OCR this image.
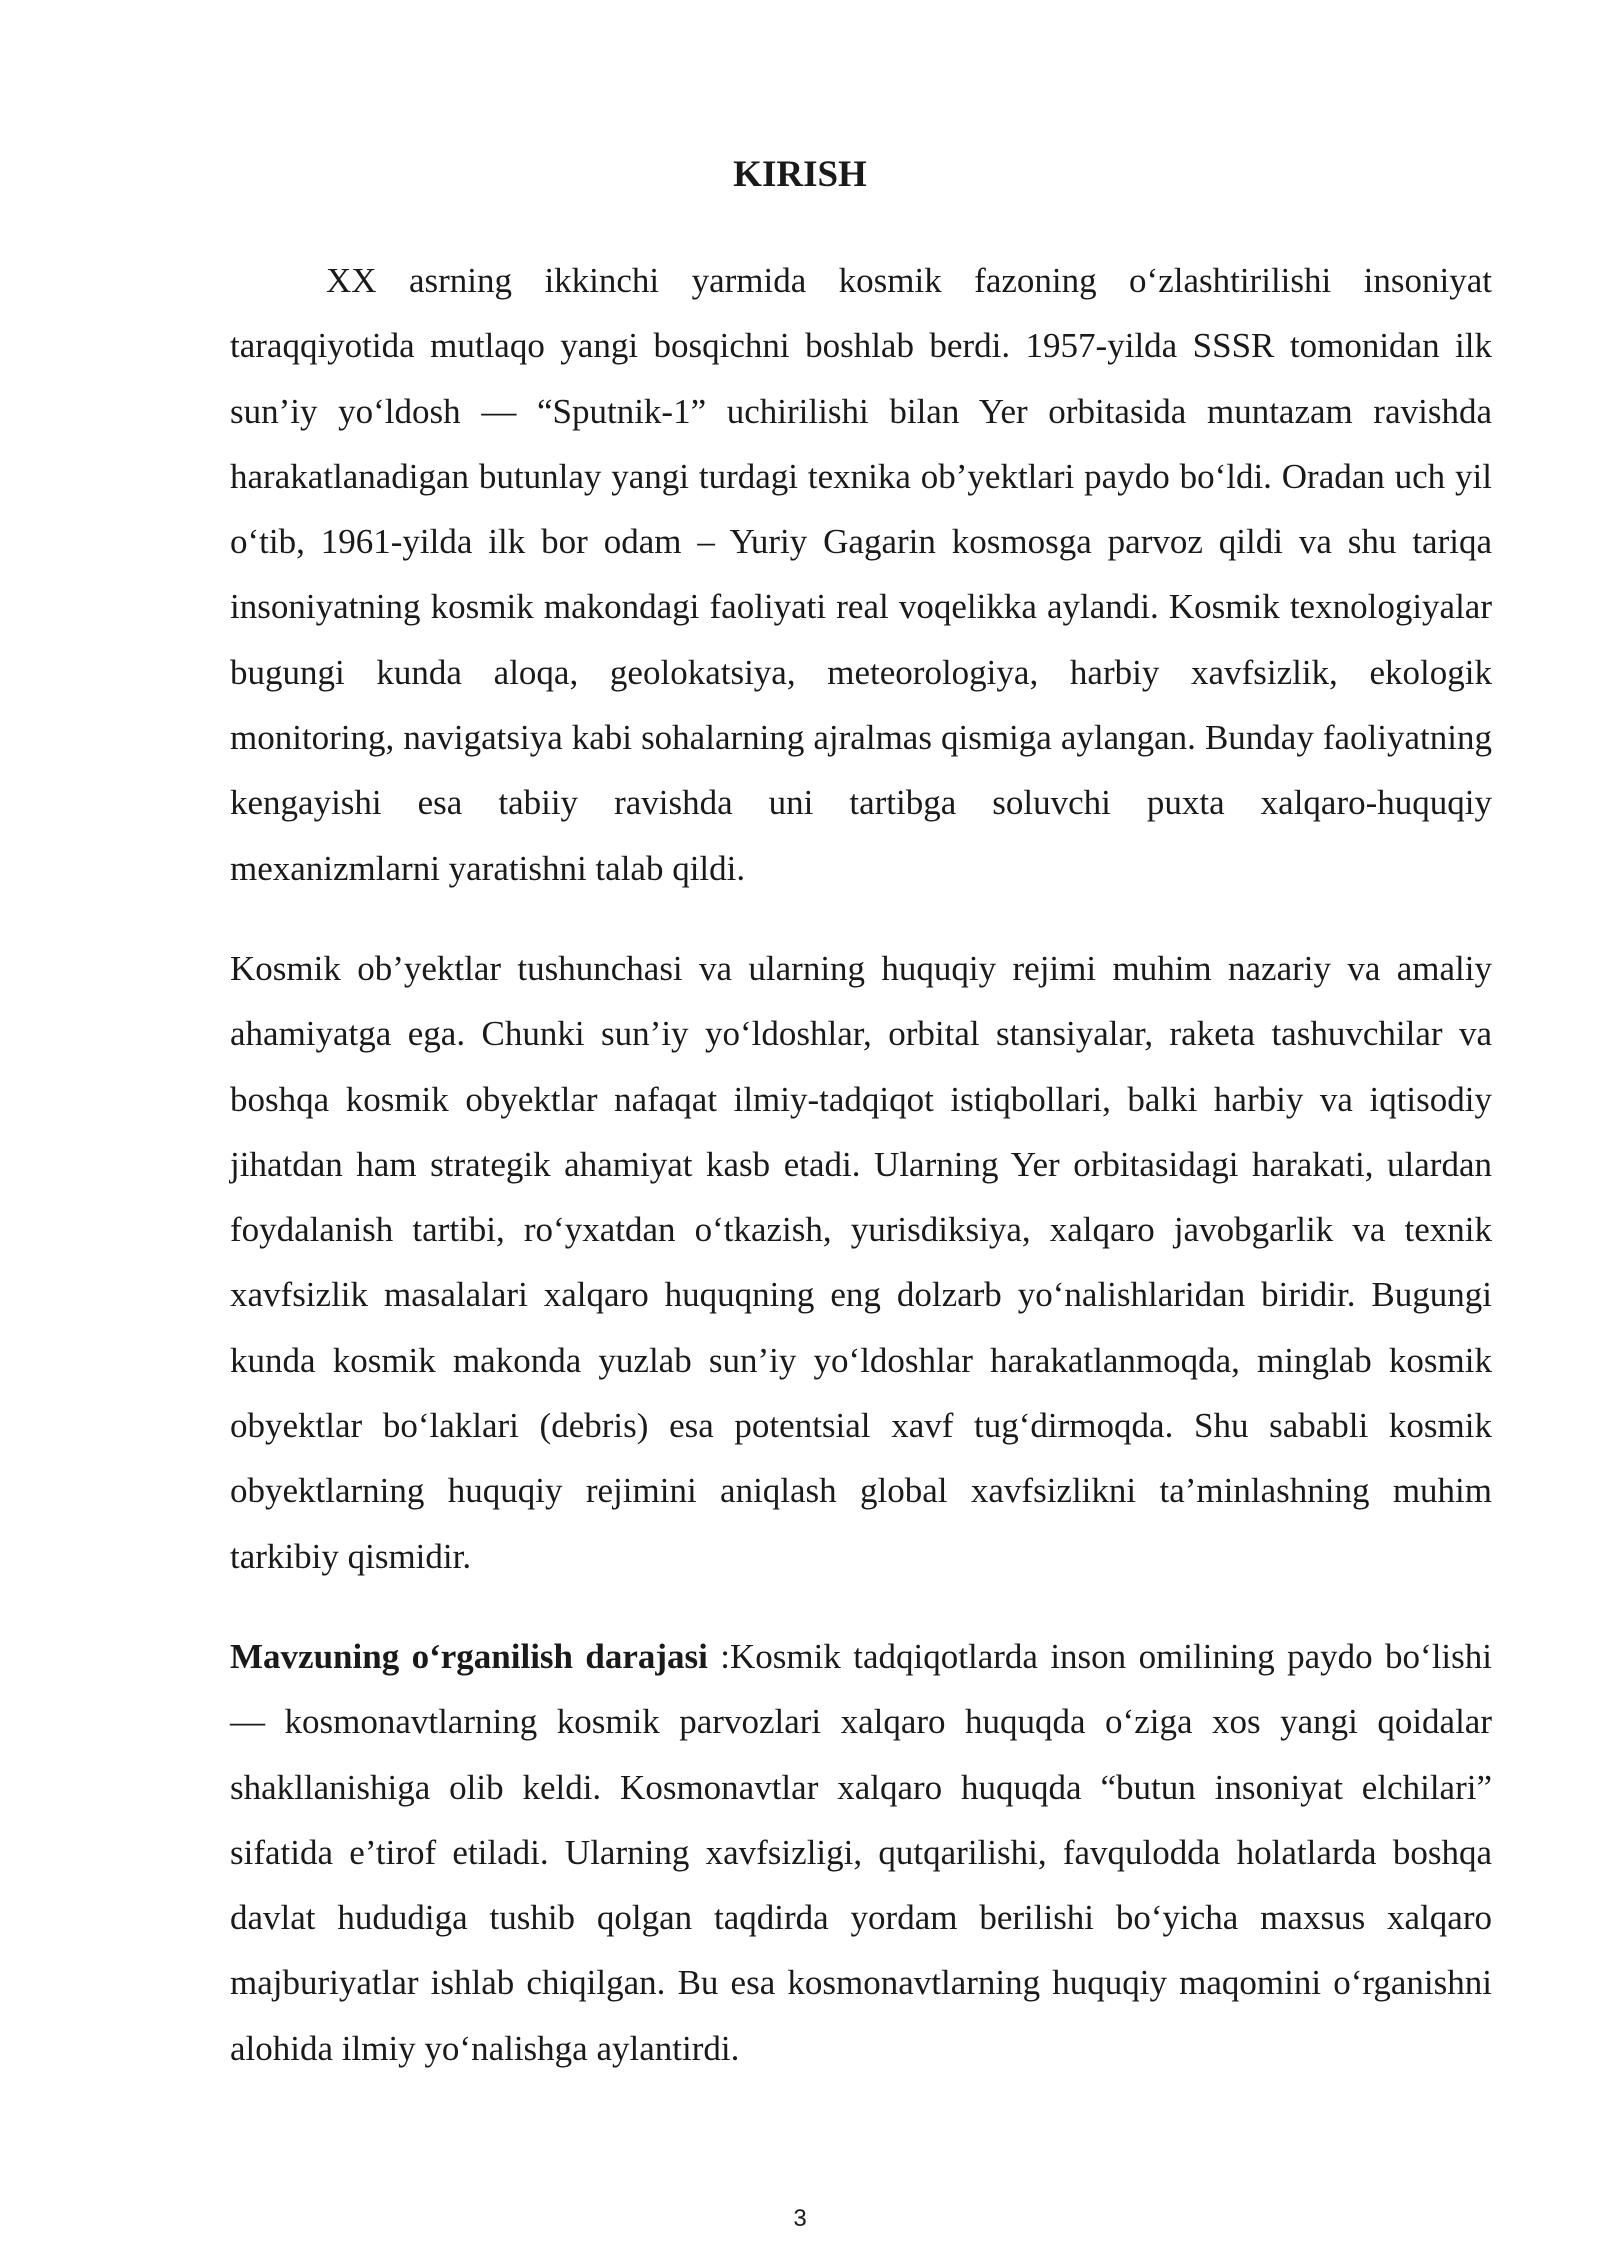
KIRISH

XX asrning ikkinchi yarmida kosmik fazoning o‘zlashtirilishi insoniyat taraqqiyotida mutlaqo yangi bosqichni boshlab berdi. 1957-yilda SSSR tomonidan ilk sun’iy yo‘ldosh — “Sputnik-1” uchirilishi bilan Yer orbitasida muntazam ravishda harakatlanadigan butunlay yangi turdagi texnika ob’yektlari paydo bo‘ldi. Oradan uch yil o‘tib, 1961-yilda ilk bor odam – Yuriy Gagarin kosmosga parvoz qildi va shu tariqa insoniyatning kosmik makondagi faoliyati real voqelikka aylandi. Kosmik texnologiyalar bugungi kunda aloqa, geolokatsiya, meteorologiya, harbiy xavfsizlik, ekologik monitoring, navigatsiya kabi sohalarning ajralmas qismiga aylangan. Bunday faoliyatning kengayishi esa tabiiy ravishda uni tartibga soluvchi puxta xalqaro-huquqiy mexanizmlarni yaratishni talab qildi.

Kosmik ob’yektlar tushunchasi va ularning huquqiy rejimi muhim nazariy va amaliy ahamiyatga ega. Chunki sun’iy yo‘ldoshlar, orbital stansiyalar, raketa tashuvchilar va boshqa kosmik obyektlar nafaqat ilmiy-tadqiqot istiqbollari, balki harbiy va iqtisodiy jihatdan ham strategik ahamiyat kasb etadi. Ularning Yer orbitasidagi harakati, ulardan foydalanish tartibi, ro‘yxatdan o‘tkazish, yurisdiksiya, xalqaro javobgarlik va texnik xavfsizlik masalalari xalqaro huquqning eng dolzarb yo‘nalishlaridan biridir. Bugungi kunda kosmik makonda yuzlab sun’iy yo‘ldoshlar harakatlanmoqda, minglab kosmik obyektlar bo‘laklari (debris) esa potentsial xavf tug‘dirmoqda. Shu sababli kosmik obyektlarning huquqiy rejimini aniqlash global xavfsizlikni ta’minlashning muhim tarkibiy qismidir.

Mavzuning o‘rganilish darajasi :Kosmik tadqiqotlarda inson omilining paydo bo‘lishi — kosmonavtlarning kosmik parvozlari xalqaro huquqda o‘ziga xos yangi qoidalar shakllanishiga olib keldi. Kosmonavtlar xalqaro huquqda “butun insoniyat elchilari” sifatida e’tirof etiladi. Ularning xavfsizligi, qutqarilishi, favqulodda holatlarda boshqa davlat hududiga tushib qolgan taqdirda yordam berilishi bo‘yicha maxsus xalqaro majburiyatlar ishlab chiqilgan. Bu esa kosmonavtlarning huquqiy maqomini o‘rganishni alohida ilmiy yo‘nalishga aylantirdi.

3
